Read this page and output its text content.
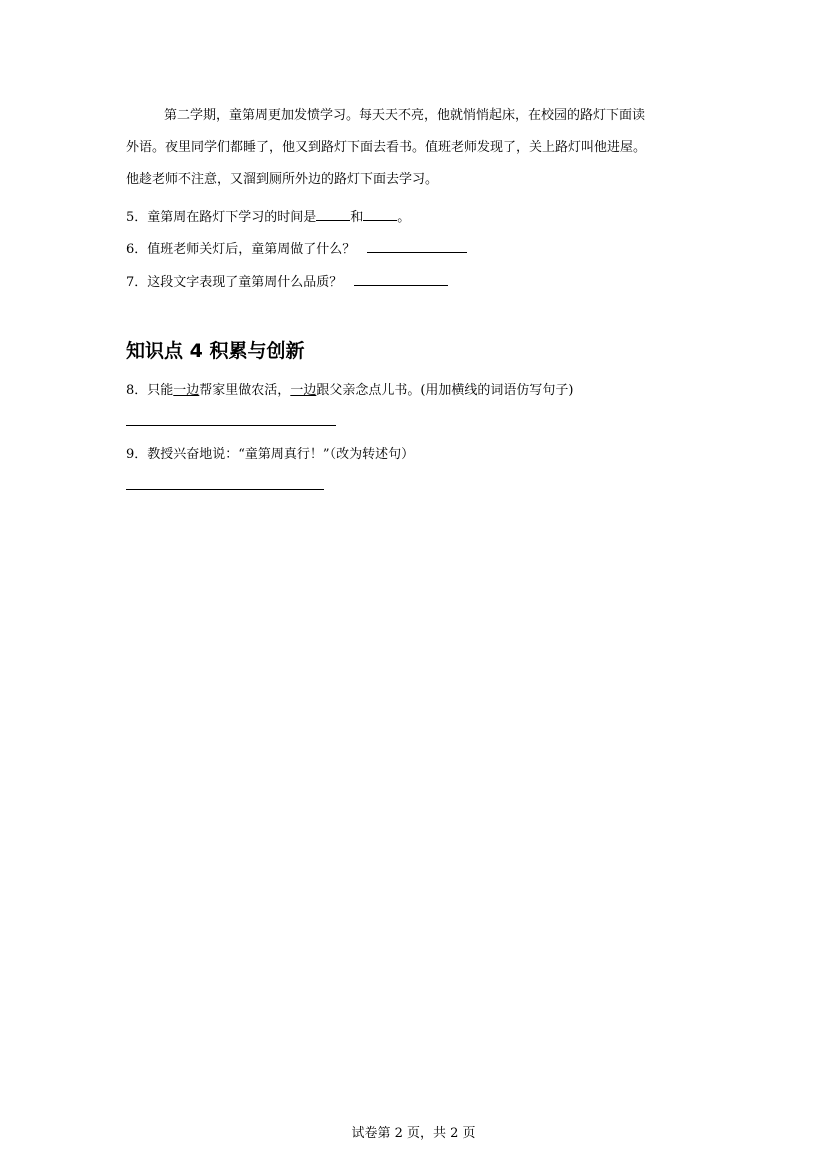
第二学期，童第周更加发愤学习。每天天不亮，他就悄悄起床，在校园的路灯下面读
外语。夜里同学们都睡了，他又到路灯下面去看书。值班老师发现了，关上路灯叫他进屋。
他趁老师不注意，又溜到厕所外边的路灯下面去学习。
5．童第周在路灯下学习的时间是	和	。
6．值班老师关灯后，童第周做了什么？
7．这段文字表现了童第周什么品质？
知识点 4 积累与创新
8．只能一边帮家里做农活，一边跟父亲念点儿书。(用加横线的词语仿写句子)
9．教授兴奋地说：“童第周真行！”（改为转述句）
试卷第 2 页，共 2 页
